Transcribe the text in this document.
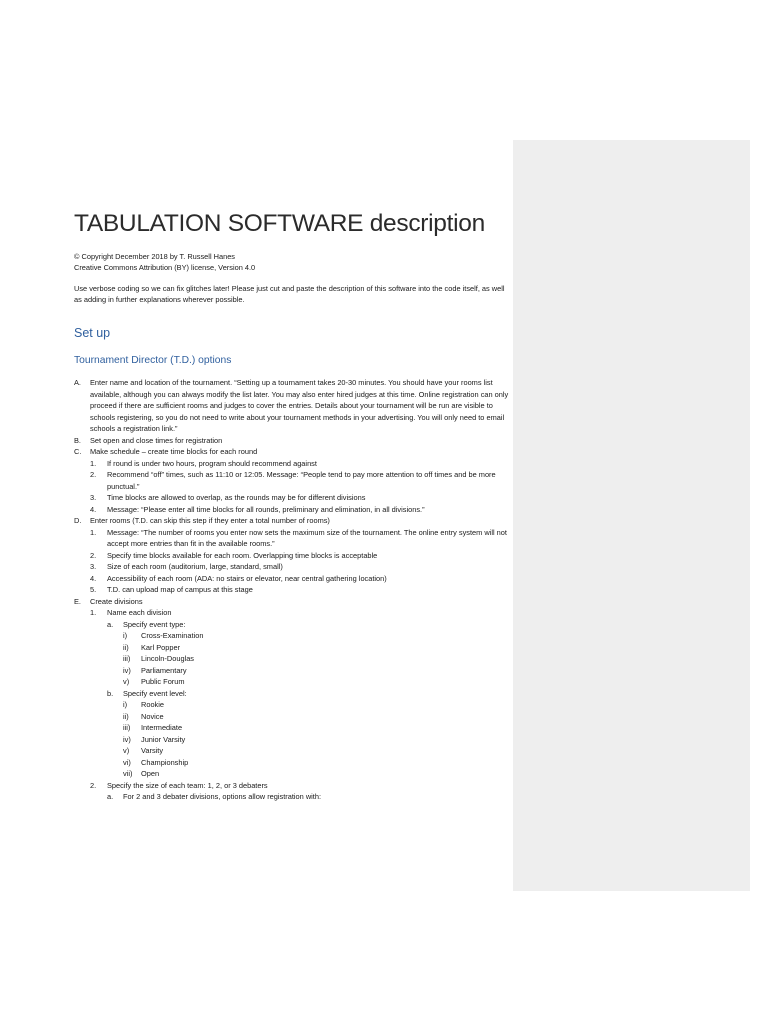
TABULATION SOFTWARE description
© Copyright December 2018 by T. Russell Hanes
Creative Commons Attribution (BY) license, Version 4.0
Use verbose coding so we can fix glitches later! Please just cut and paste the description of this software into the code itself, as well as adding in further explanations wherever possible.
Set up
Tournament Director (T.D.) options
A. Enter name and location of the tournament. “Setting up a tournament takes 20-30 minutes. You should have your rooms list available, although you can always modify the list later. You may also enter hired judges at this time. Online registration can only proceed if there are sufficient rooms and judges to cover the entries. Details about your tournament will be run are visible to schools registering, so you do not need to write about your tournament methods in your advertising. You will only need to email schools a registration link.”
B. Set open and close times for registration
C. Make schedule – create time blocks for each round
1. If round is under two hours, program should recommend against
2. Recommend “off” times, such as 11:10 or 12:05. Message: “People tend to pay more attention to off times and be more punctual.”
3. Time blocks are allowed to overlap, as the rounds may be for different divisions
4. Message: “Please enter all time blocks for all rounds, preliminary and elimination, in all divisions.”
D. Enter rooms (T.D. can skip this step if they enter a total number of rooms)
1. Message: “The number of rooms you enter now sets the maximum size of the tournament. The online entry system will not accept more entries than fit in the available rooms.”
2. Specify time blocks available for each room. Overlapping time blocks is acceptable
3. Size of each room (auditorium, large, standard, small)
4. Accessibility of each room (ADA: no stairs or elevator, near central gathering location)
5. T.D. can upload map of campus at this stage
E. Create divisions
1. Name each division
a. Specify event type:
i) Cross-Examination
ii) Karl Popper
iii) Lincoln-Douglas
iv) Parliamentary
v) Public Forum
b. Specify event level:
i) Rookie
ii) Novice
iii) Intermediate
iv) Junior Varsity
v) Varsity
vi) Championship
vii) Open
2. Specify the size of each team: 1, 2, or 3 debaters
a. For 2 and 3 debater divisions, options allow registration with:
